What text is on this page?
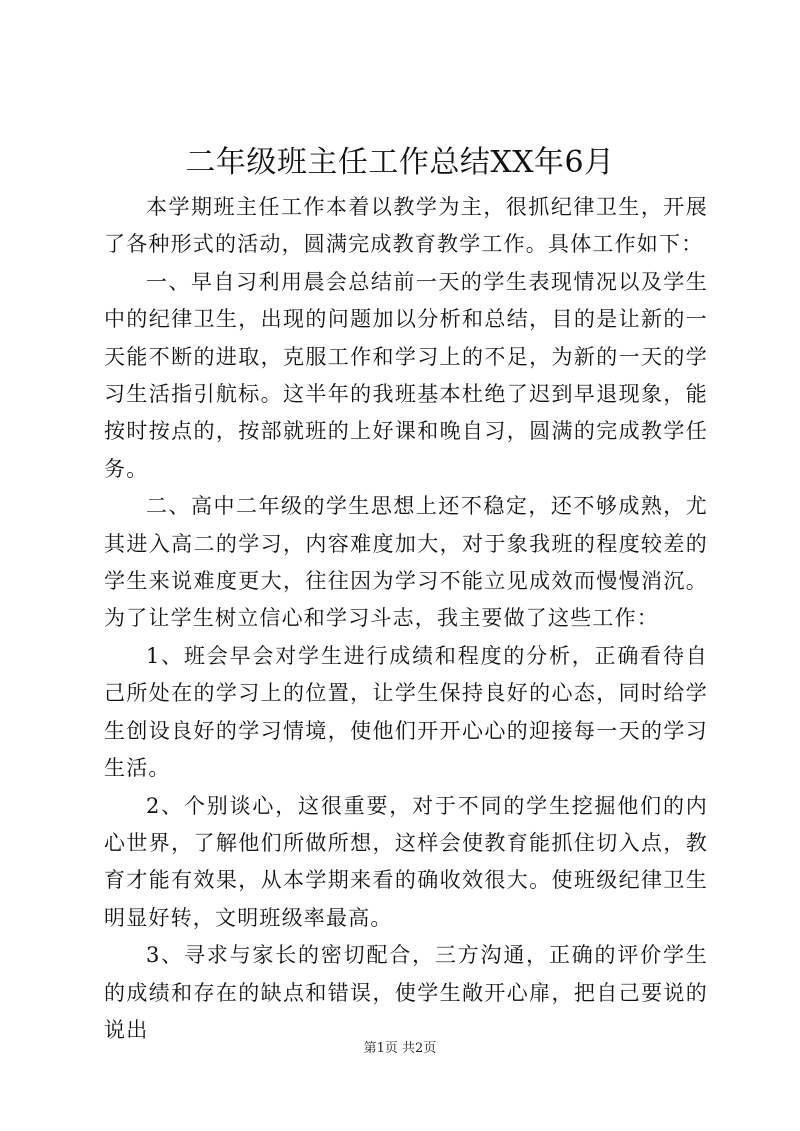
二年级班主任工作总结XX年6月

本学期班主任工作本着以教学为主，很抓纪律卫生，开展了各种形式的活动，圆满完成教育教学工作。具体工作如下：

一、早自习利用晨会总结前一天的学生表现情况以及学生中的纪律卫生，出现的问题加以分析和总结，目的是让新的一天能不断的进取，克服工作和学习上的不足，为新的一天的学习生活指引航标。这半年的我班基本杜绝了迟到早退现象，能按时按点的，按部就班的上好课和晚自习，圆满的完成教学任务。

二、高中二年级的学生思想上还不稳定，还不够成熟，尤其进入高二的学习，内容难度加大，对于象我班的程度较差的学生来说难度更大，往往因为学习不能立见成效而慢慢消沉。为了让学生树立信心和学习斗志，我主要做了这些工作：

1、班会早会对学生进行成绩和程度的分析，正确看待自己所处在的学习上的位置，让学生保持良好的心态，同时给学生创设良好的学习情境，使他们开开心心的迎接每一天的学习生活。

2、个别谈心，这很重要，对于不同的学生挖掘他们的内心世界，了解他们所做所想，这样会使教育能抓住切入点，教育才能有效果，从本学期来看的确收效很大。使班级纪律卫生明显好转，文明班级率最高。

3、寻求与家长的密切配合，三方沟通，正确的评价学生的成绩和存在的缺点和错误，使学生敞开心扉，把自己要说的说出

第1页 共2页
